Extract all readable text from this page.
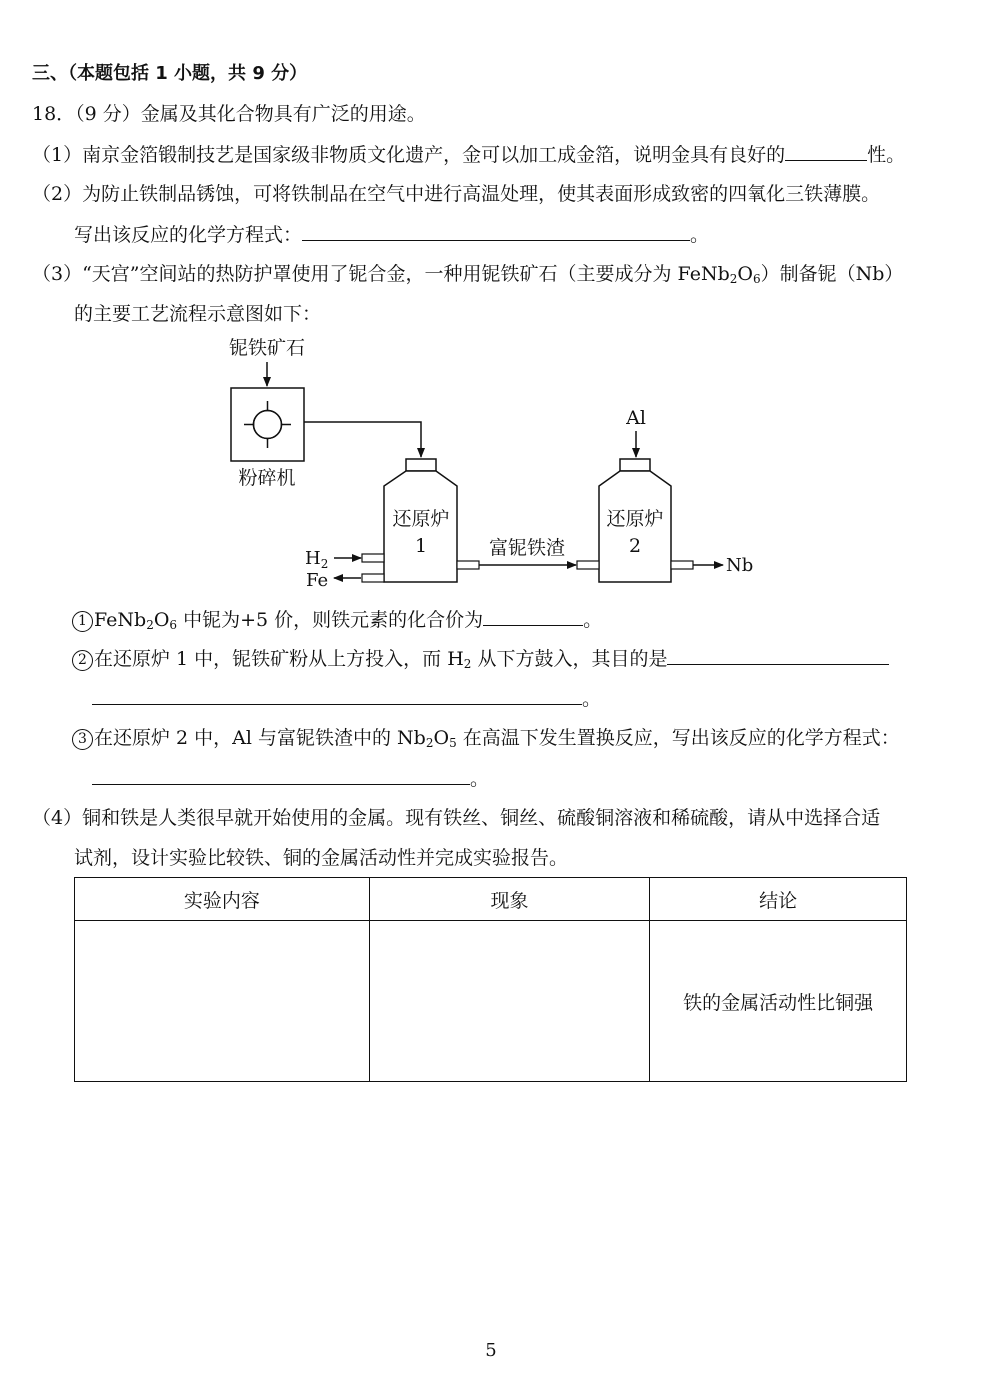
三、（本题包括 1 小题，共 9 分）
18．（9 分）金属及其化合物具有广泛的用途。
（1）南京金箔锻制技艺是国家级非物质文化遗产，金可以加工成金箔，说明金具有良好的	性。
（2）为防止铁制品锈蚀，可将铁制品在空气中进行高温处理，使其表面形成致密的四氧化三铁薄膜。
写出该反应的化学方程式：	。
（3）“天宫”空间站的热防护罩使用了铌合金，一种用铌铁矿石（主要成分为 $FeNb_2O_6$）制备铌（Nb）
的主要工艺流程示意图如下：
铌铁矿石
粉碎机
还原炉
1
$H_2$
Fe
富铌铁渣
Al
还原炉
2
Nb
1 $FeNb_2O_6$ 中铌为+5 价，则铁元素的化合价为	。
2 在还原炉 1 中，铌铁矿粉从上方投入，而 $H_2$ 从下方鼓入，其目的是
。
3 在还原炉 2 中，Al 与富铌铁渣中的 $Nb_2O_5$ 在高温下发生置换反应，写出该反应的化学方程式：
。
（4）铜和铁是人类很早就开始使用的金属。现有铁丝、铜丝、硫酸铜溶液和稀硫酸，请从中选择合适
试剂，设计实验比较铁、铜的金属活动性并完成实验报告。
实验内容	现象	结论
		铁的金属活动性比铜强
5
